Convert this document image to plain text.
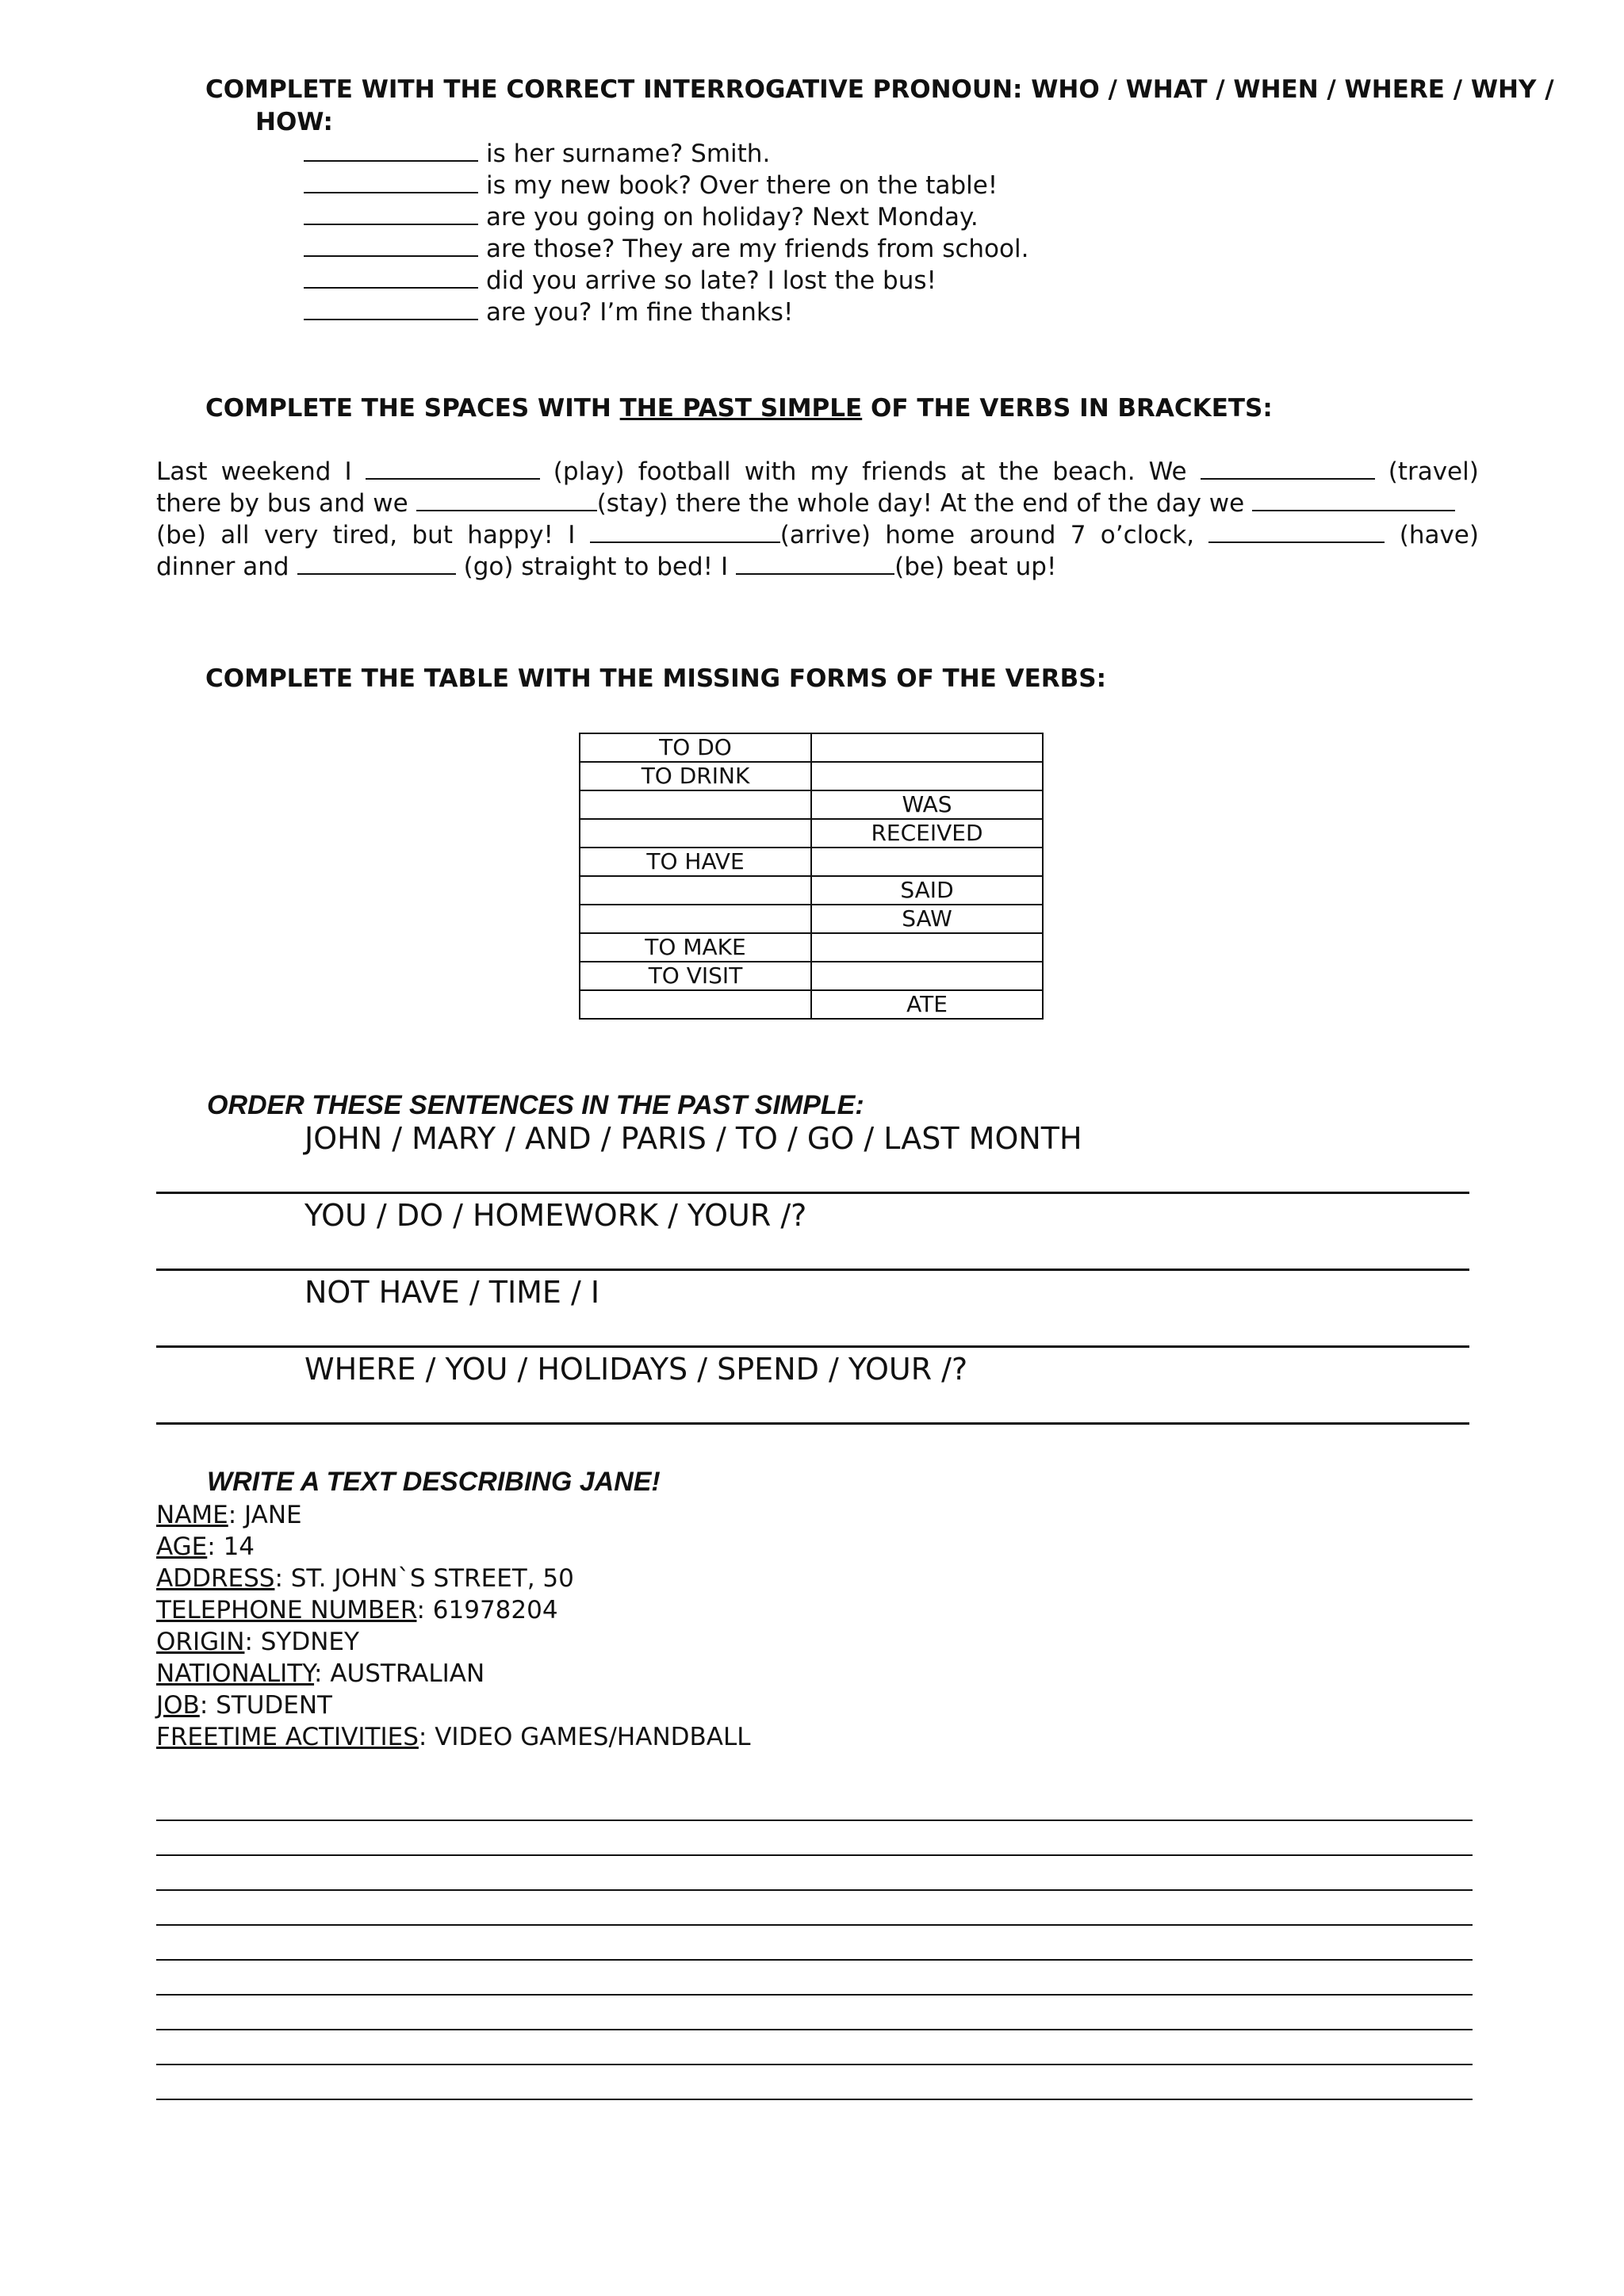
COMPLETE WITH THE CORRECT INTERROGATIVE PRONOUN: WHO / WHAT / WHEN / WHERE / WHY /
HOW:
is her surname? Smith.
is my new book? Over there on the table!
are you going on holiday? Next Monday.
are those? They are my friends from school.
did you arrive so late? I lost the bus!
are you? I’m fine thanks!
COMPLETE THE SPACES WITH THE PAST SIMPLE OF THE VERBS IN BRACKETS:
Last weekend I	(play) football with my friends at the beach. We	(travel)
there by bus and we	(stay) there the whole day! At the end of the day we
(be) all very tired, but happy! I	(arrive) home around 7 o’clock,	(have)
dinner and	(go) straight to bed! I	(be) beat up!
COMPLETE THE TABLE WITH THE MISSING FORMS OF THE VERBS:
TO DO	
TO DRINK	
	WAS
	RECEIVED
TO HAVE	
	SAID
	SAW
TO MAKE	
TO VISIT	
	ATE
ORDER THESE SENTENCES IN THE PAST SIMPLE:
JOHN / MARY / AND / PARIS / TO / GO / LAST MONTH
YOU / DO / HOMEWORK / YOUR /?
NOT HAVE / TIME / I
WHERE / YOU / HOLIDAYS / SPEND / YOUR /?
WRITE A TEXT DESCRIBING JANE!
NAME: JANE
AGE: 14
ADDRESS: ST. JOHN`S STREET, 50
TELEPHONE NUMBER: 61978204
ORIGIN: SYDNEY
NATIONALITY: AUSTRALIAN
JOB: STUDENT
FREETIME ACTIVITIES: VIDEO GAMES/HANDBALL
